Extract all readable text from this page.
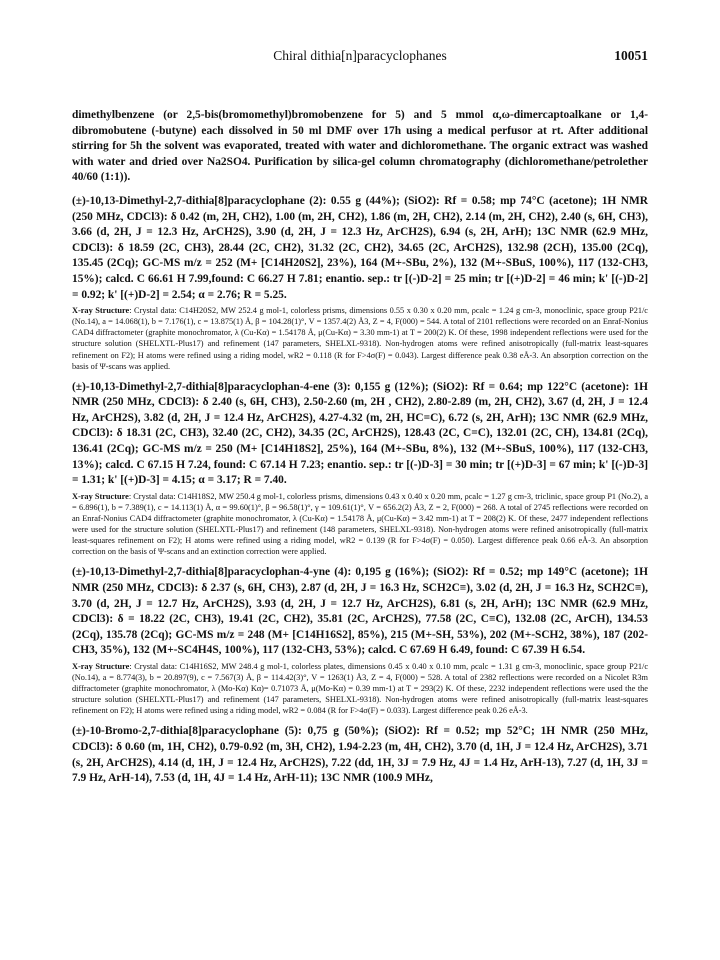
Chiral dithia[n]paracyclophanes	10051

dimethylbenzene (or 2,5-bis(bromomethyl)bromobenzene for 5) and 5 mmol α,ω-dimercaptoalkane or 1,4-dibromobutene (-butyne) each dissolved in 50 ml DMF over 17h using a medical perfusor at rt. After additional stirring for 5h the solvent was evaporated, treated with water and dichloromethane. The organic extract was washed with water and dried over Na2SO4. Purification by silica-gel column chromatography (dichloromethane/petrolether 40/60 (1:1)).

(±)-10,13-Dimethyl-2,7-dithia[8]paracyclophane (2): 0.55 g (44%); (SiO2): Rf = 0.58; mp 74°C (acetone); 1H NMR (250 MHz, CDCl3): δ 0.42 (m, 2H, CH2), 1.00 (m, 2H, CH2), 1.86 (m, 2H, CH2), 2.14 (m, 2H, CH2), 2.40 (s, 6H, CH3), 3.66 (d, 2H, J = 12.3 Hz, ArCH2S), 3.90 (d, 2H, J = 12.3 Hz, ArCH2S), 6.94 (s, 2H, ArH); 13C NMR (62.9 MHz, CDCl3): δ 18.59 (2C, CH3), 28.44 (2C, CH2), 31.32 (2C, CH2), 34.65 (2C, ArCH2S), 132.98 (2CH), 135.00 (2Cq), 135.45 (2Cq); GC-MS m/z = 252 (M+ [C14H20S2], 23%), 164 (M+-SBu, 2%), 132 (M+-SBuS, 100%), 117 (132-CH3, 15%); calcd. C 66.61 H 7.99,found: C 66.27 H 7.81; enantio. sep.: tr [(-)D-2] = 25 min; tr [(+)D-2] = 46 min; k' [(-)D-2] = 0.92; k' [(+)D-2] = 2.54; α = 2.76; R = 5.25.

X-ray Structure: Crystal data: C14H20S2, MW 252.4 g mol-1, colorless prisms, dimensions 0.55 x 0.30 x 0.20 mm, ρcalc = 1.24 g cm-3, monoclinic, space group P21/c (No.14), a = 14.068(1), b = 7.176(1), c = 13.875(1) Å, β = 104.28(1)°, V = 1357.4(2) Å3, Z = 4, F(000) = 544. A total of 2101 reflections were recorded on an Enraf-Nonius CAD4 diffractometer (graphite monochromator, λ (Cu-Kα) = 1.54178 Å, μ(Cu-Kα) = 3.30 mm-1) at T = 200(2) K. Of these, 1998 independent reflections were used for the structure solution (SHELXTL-Plus17) and refinement (147 parameters, SHELXL-9318). Non-hydrogen atoms were refined anisotropically (full-matrix least-squares refinement on F2); H atoms were refined using a riding model, wR2 = 0.118 (R for F>4σ(F) = 0.043). Largest difference peak 0.38 eÅ-3. An absorption correction on the basis of Ψ-scans was applied.

(±)-10,13-Dimethyl-2,7-dithia[8]paracyclophan-4-ene (3): 0,155 g (12%); (SiO2): Rf = 0.64; mp 122°C (acetone): 1H NMR (250 MHz, CDCl3): δ 2.40 (s, 6H, CH3), 2.50-2.60 (m, 2H , CH2), 2.80-2.89 (m, 2H, CH2), 3.67 (d, 2H, J = 12.4 Hz, ArCH2S), 3.82 (d, 2H, J = 12.4 Hz, ArCH2S), 4.27-4.32 (m, 2H, HC=C), 6.72 (s, 2H, ArH); 13C NMR (62.9 MHz, CDCl3): δ 18.31 (2C, CH3), 32.40 (2C, CH2), 34.35 (2C, ArCH2S), 128.43 (2C, C=C), 132.01 (2C, CH), 134.81 (2Cq), 136.41 (2Cq); GC-MS m/z = 250 (M+ [C14H18S2], 25%), 164 (M+-SBu, 8%), 132 (M+-SBuS, 100%), 117 (132-CH3, 13%); calcd. C 67.15 H 7.24, found: C 67.14 H 7.23; enantio. sep.: tr [(-)D-3] = 30 min; tr [(+)D-3] = 67 min; k' [(-)D-3] = 1.31; k' [(+)D-3] = 4.15; α = 3.17; R = 7.40.

X-ray Structure: Crystal data: C14H18S2, MW 250.4 g mol-1, colorless prisms, dimensions 0.43 x 0.40 x 0.20 mm, ρcalc = 1.27 g cm-3, triclinic, space group P1 (No.2), a = 6.896(1), b = 7.389(1), c = 14.113(1) Å, α = 99.60(1)°, β = 96.58(1)°, γ = 109.61(1)°, V = 656.2(2) Å3, Z = 2, F(000) = 268. A total of 2745 reflections were recorded on an Enraf-Nonius CAD4 diffractometer (graphite monochromator, λ (Cu-Kα) = 1.54178 Å, μ(Cu-Kα) = 3.42 mm-1) at T = 208(2) K. Of these, 2477 independent reflections were used for the structure solution (SHELXTL-Plus17) and refinement (148 parameters, SHELXL-9318). Non-hydrogen atoms were refined anisotropically (full-matrix least-squares refinement on F2); H atoms were refined using a riding model, wR2 = 0.139 (R for F>4σ(F) = 0.050). Largest difference peak 0.66 eÅ-3. An absorption correction on the basis of Ψ-scans and an extinction correction were applied.

(±)-10,13-Dimethyl-2,7-dithia[8]paracyclophan-4-yne (4): 0,195 g (16%); (SiO2): Rf = 0.52; mp 149°C (acetone); 1H NMR (250 MHz, CDCl3): δ 2.37 (s, 6H, CH3), 2.87 (d, 2H, J = 16.3 Hz, SCH2C≡), 3.02 (d, 2H, J = 16.3 Hz, SCH2C≡), 3.70 (d, 2H, J = 12.7 Hz, ArCH2S), 3.93 (d, 2H, J = 12.7 Hz, ArCH2S), 6.81 (s, 2H, ArH); 13C NMR (62.9 MHz, CDCl3): δ = 18.22 (2C, CH3), 19.41 (2C, CH2), 35.81 (2C, ArCH2S), 77.58 (2C, C≡C), 132.08 (2C, ArCH), 134.53 (2Cq), 135.78 (2Cq); GC-MS m/z = 248 (M+ [C14H16S2], 85%), 215 (M+-SH, 53%), 202 (M+-SCH2, 38%), 187 (202-CH3, 35%), 132 (M+-SC4H4S, 100%), 117 (132-CH3, 53%); calcd. C 67.69 H 6.49, found: C 67.39 H 6.54.

X-ray Structure: Crystal data: C14H16S2, MW 248.4 g mol-1, colorless plates, dimensions 0.45 x 0.40 x 0.10 mm, ρcalc = 1.31 g cm-3, monoclinic, space group P21/c (No.14), a = 8.774(3), b = 20.897(9), c = 7.567(3) Å, β = 114.42(3)°, V = 1263(1) Å3, Z = 4, F(000) = 528. A total of 2382 reflections were recorded on a Nicolet R3m diffractometer (graphite monochromator, λ (Mo-Kα) Kα)= 0.71073 Å, μ(Mo-Kα) = 0.39 mm-1) at T = 293(2) K. Of these, 2232 independent reflections were used the the structure solution (SHELXTL-Plus17) and refinement (147 parameters, SHELXL-9318). Non-hydrogen atoms were refined anisotropically (full-matrix least-squares refinement on F2); H atoms were refined using a riding model, wR2 = 0.084 (R for F>4σ(F) = 0.033). Largest difference peak 0.26 eÅ-3.

(±)-10-Bromo-2,7-dithia[8]paracyclophane (5): 0,75 g (50%); (SiO2): Rf = 0.52; mp 52°C; 1H NMR (250 MHz, CDCl3): δ 0.60 (m, 1H, CH2), 0.79-0.92 (m, 3H, CH2), 1.94-2.23 (m, 4H, CH2), 3.70 (d, 1H, J = 12.4 Hz, ArCH2S), 3.71 (s, 2H, ArCH2S), 4.14 (d, 1H, J = 12.4 Hz, ArCH2S), 7.22 (dd, 1H, 3J = 7.9 Hz, 4J = 1.4 Hz, ArH-13), 7.27 (d, 1H, 3J = 7.9 Hz, ArH-14), 7.53 (d, 1H, 4J = 1.4 Hz, ArH-11); 13C NMR (100.9 MHz,
